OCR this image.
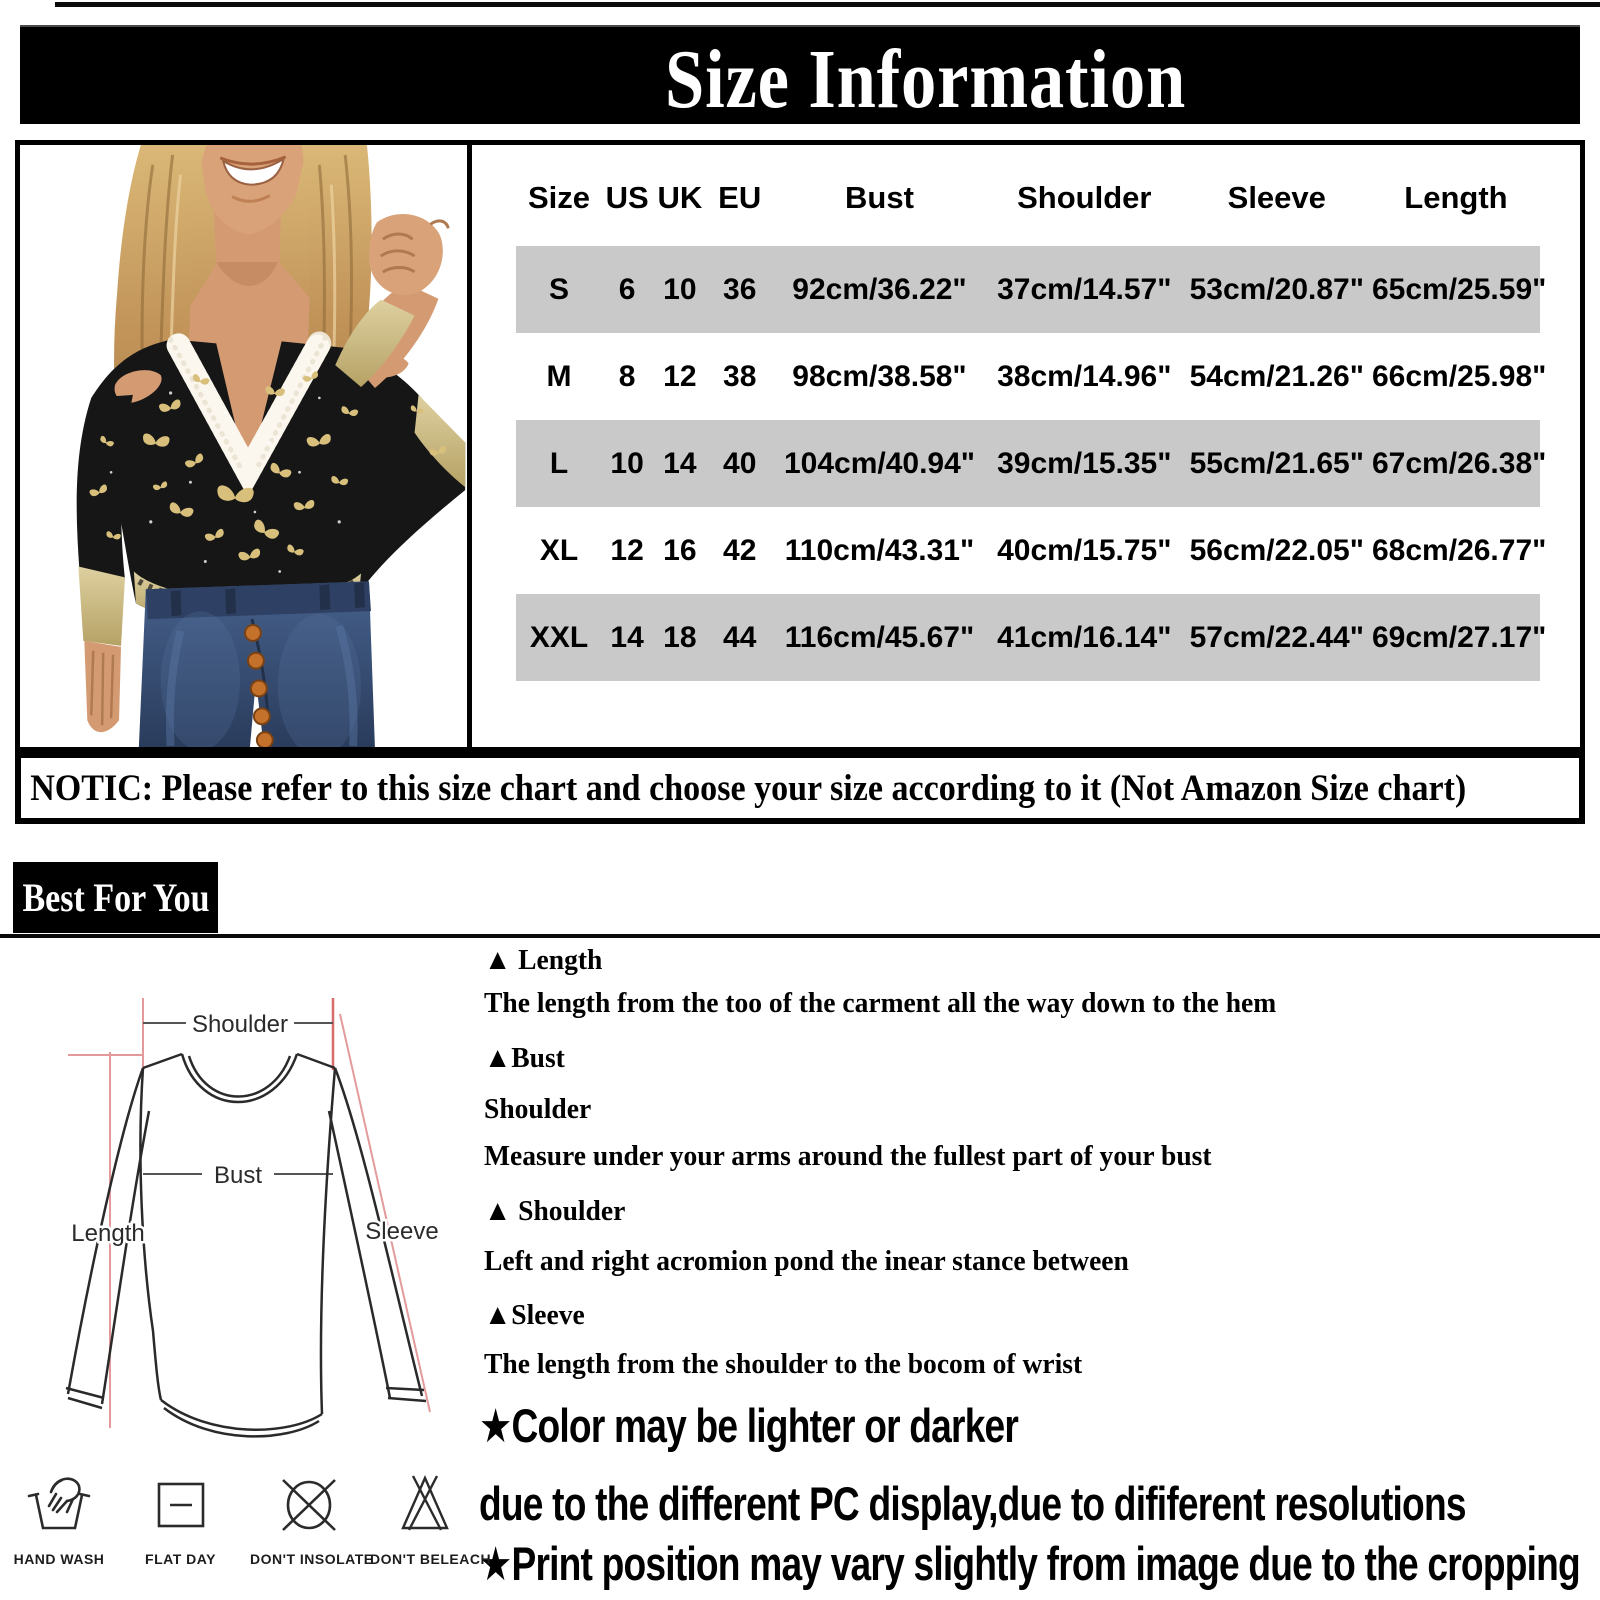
Size Information
Size US UK EU	Bust	Shoulder	Sleeve	Length
S	6 10 36	92cm/36.22"	37cm/14.57" 53cm/20.87" 65cm/25.59"
M	8 12 38	98cm/38.58"	38cm/14.96" 54cm/21.26" 66cm/25.98"
L	10 14 40 104cm/40.94" 39cm/15.35" 55cm/21.65" 67cm/26.38"
XL	12 16 42 110cm/43.31" 40cm/15.75" 56cm/22.05" 68cm/26.77"
XXL 14 18 44 116cm/45.67" 41cm/16.14" 57cm/22.44" 69cm/27.17"
NOTIC: Please refer to this size chart and choose your size according to it (Not Amazon Size chart)
Best For You
Shoulder
Bust
Length	Sleeve
▲ Length
The length from the too of the carment all the way down to the hem
▲Bust
Shoulder
Measure under your arms around the fullest part of your bust
▲ Shoulder
Left and right acromion pond the inear stance between
▲Sleeve
The length from the shoulder to the bocom of wrist
★Color may be lighter or darker
due to the different PC display,due to dififerent resolutions
★Print position may vary slightly from image due to the cropping
HAND WASH	FLAT DAY	DON'T INSOLATE
DON'T BELEACH
